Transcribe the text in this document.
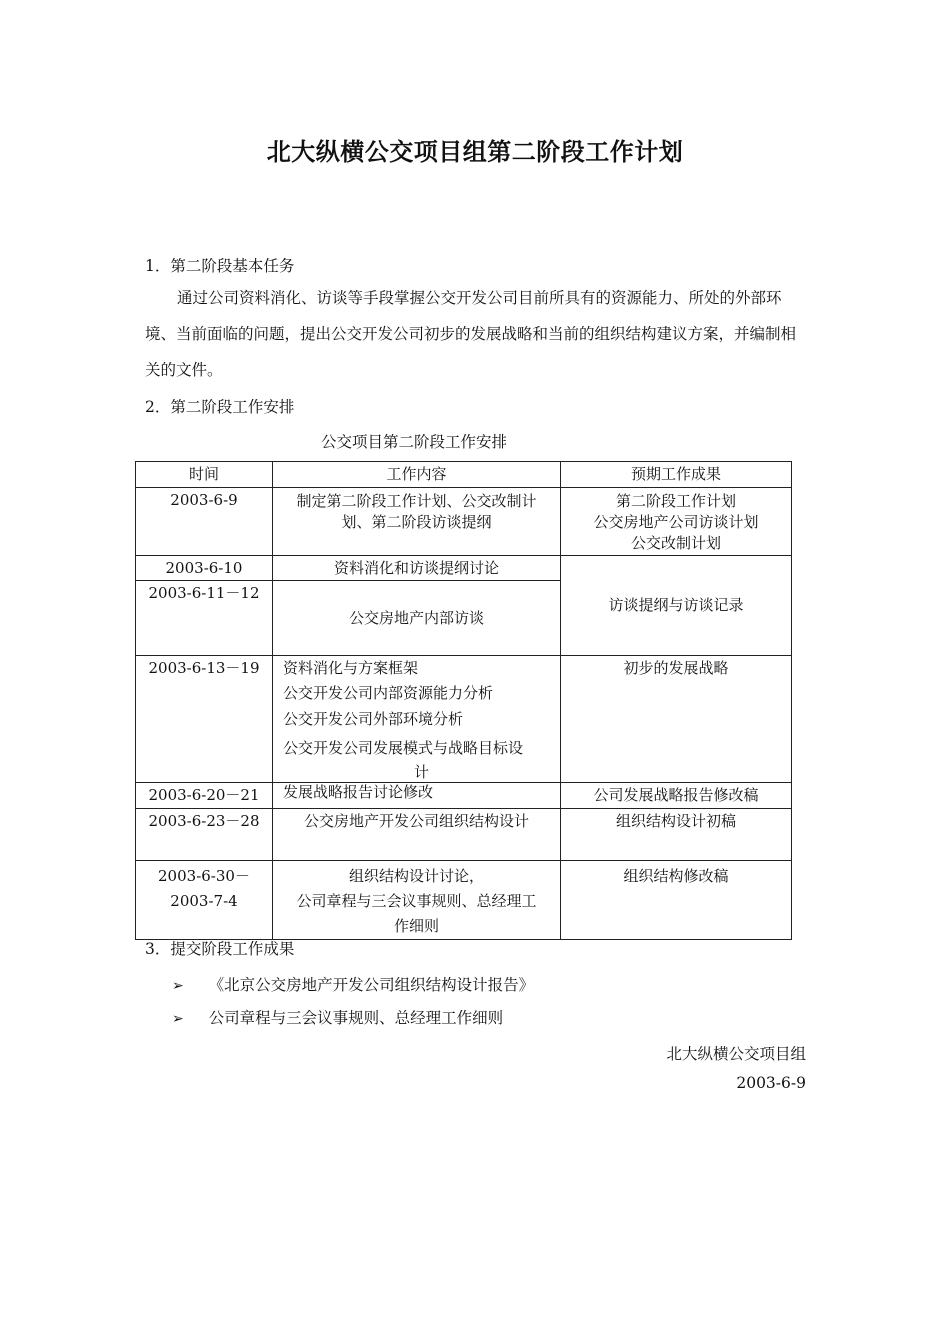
北大纵横公交项目组第二阶段工作计划
1．第二阶段基本任务
通过公司资料消化、访谈等手段掌握公交开发公司目前所具有的资源能力、所处的外部环境、当前面临的问题，提出公交开发公司初步的发展战略和当前的组织结构建议方案，并编制相关的文件。
2．第二阶段工作安排
公交项目第二阶段工作安排
时间	工作内容	预期工作成果

2003-6-9	制定第二阶段工作计划、公交改制计
划、第二阶段访谈提纲	第二阶段工作计划
公交房地产公司访谈计划
公交改制计划

2003-6-10	资料消化和访谈提纲讨论	访谈提纲与访谈记录
2003-6-11－12	公交房地产内部访谈	
2003-6-13－19	资料消化与方案框架
公交开发公司内部资源能力分析
公交开发公司外部环境分析
公交开发公司发展模式与战略目标设
计	初步的发展战略
2003-6-20－21	发展战略报告讨论修改	公司发展战略报告修改稿
2003-6-23－28	公交房地产开发公司组织结构设计	组织结构设计初稿

2003-6-30－
2003-7-4	组织结构设计讨论，
公司章程与三会议事规则、总经理工
作细则	组织结构修改稿
3．提交阶段工作成果
➢ 《北京公交房地产开发公司组织结构设计报告》
➢ 公司章程与三会议事规则、总经理工作细则
北大纵横公交项目组
2003-6-9
